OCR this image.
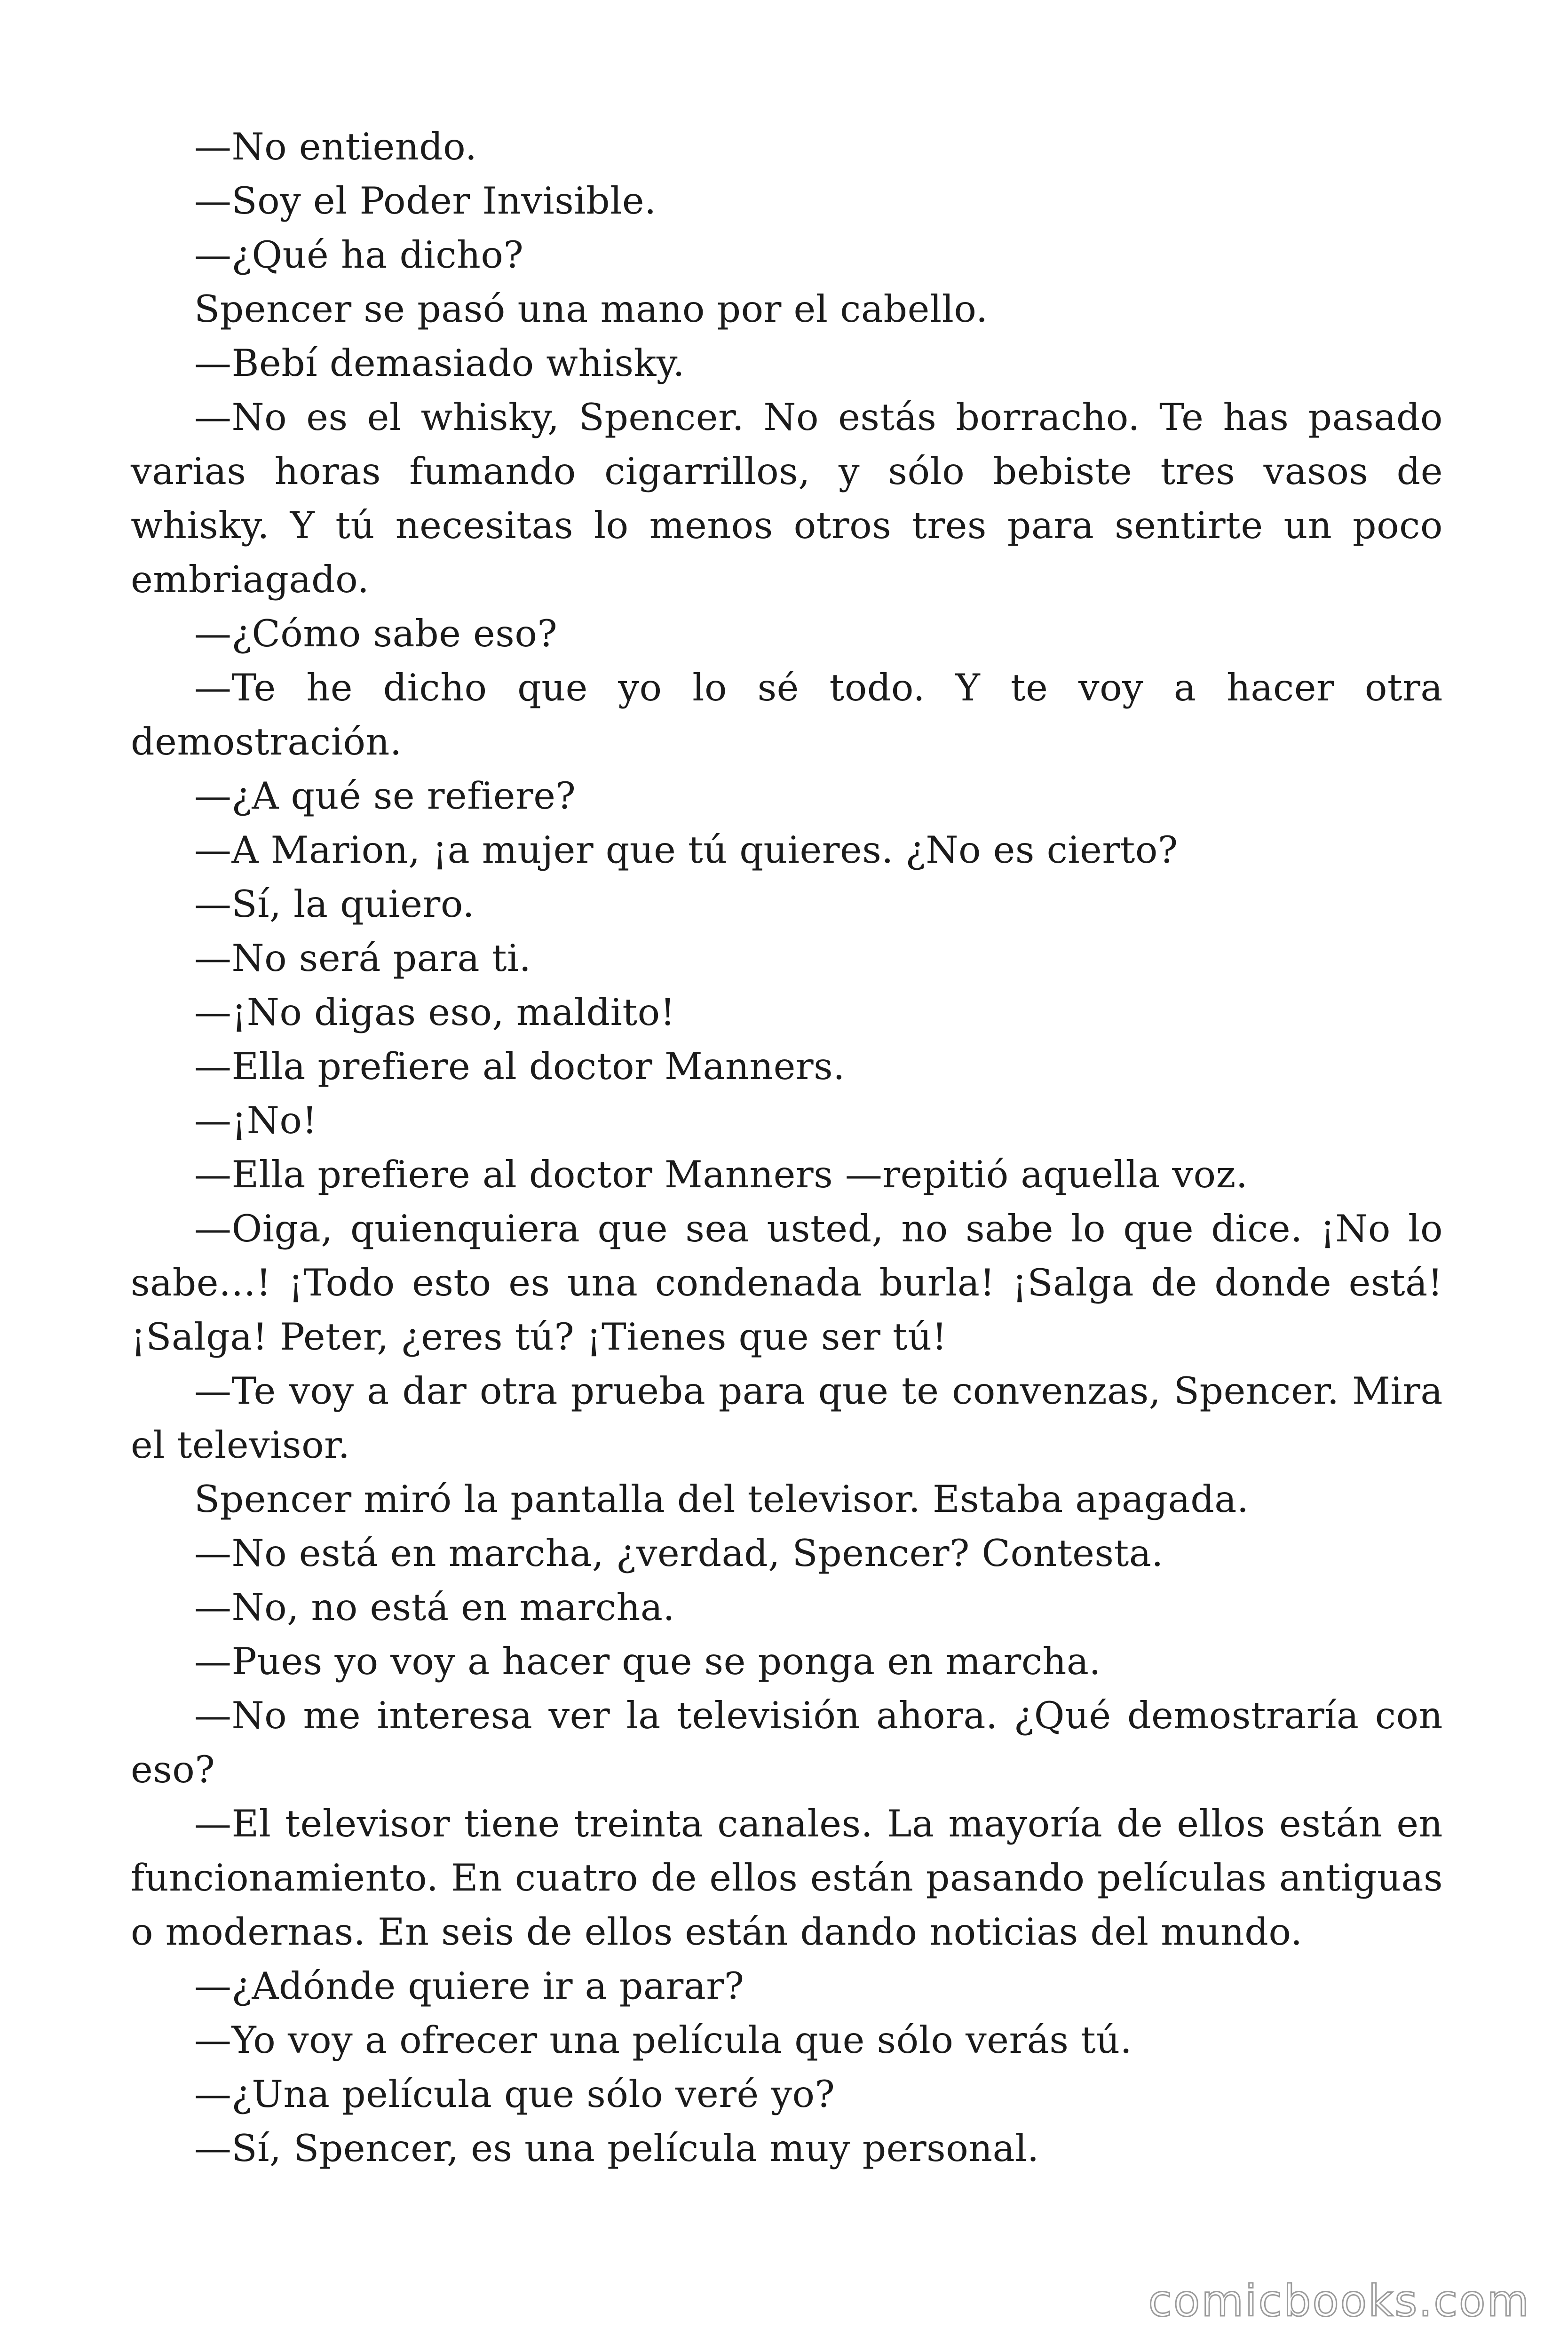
—No entiendo.

—Soy el Poder Invisible.

—¿Qué ha dicho?

Spencer se pasó una mano por el cabello.

—Bebí demasiado whisky.

—No es el whisky, Spencer. No estás borracho. Te has pasado varias horas fumando cigarrillos, y sólo bebiste tres vasos de whisky. Y tú necesitas lo menos otros tres para sentirte un poco embriagado.

—¿Cómo sabe eso?

—Te he dicho que yo lo sé todo. Y te voy a hacer otra demostración.

—¿A qué se refiere?

—A Marion, ¡a mujer que tú quieres. ¿No es cierto?

—Sí, la quiero.

—No será para ti.

—¡No digas eso, maldito!

—Ella prefiere al doctor Manners.

—¡No!

—Ella prefiere al doctor Manners —repitió aquella voz.

—Oiga, quienquiera que sea usted, no sabe lo que dice. ¡No lo sabe…! ¡Todo esto es una condenada burla! ¡Salga de donde está! ¡Salga! Peter, ¿eres tú? ¡Tienes que ser tú!

—Te voy a dar otra prueba para que te convenzas, Spencer. Mira el televisor.

Spencer miró la pantalla del televisor. Estaba apagada.

—No está en marcha, ¿verdad, Spencer? Contesta.

—No, no está en marcha.

—Pues yo voy a hacer que se ponga en marcha.

—No me interesa ver la televisión ahora. ¿Qué demostraría con eso?

—El televisor tiene treinta canales. La mayoría de ellos están en funcionamiento. En cuatro de ellos están pasando películas antiguas o modernas. En seis de ellos están dando noticias del mundo.

—¿Adónde quiere ir a parar?

—Yo voy a ofrecer una película que sólo verás tú.

—¿Una película que sólo veré yo?

—Sí, Spencer, es una película muy personal.

comicbooks.com
